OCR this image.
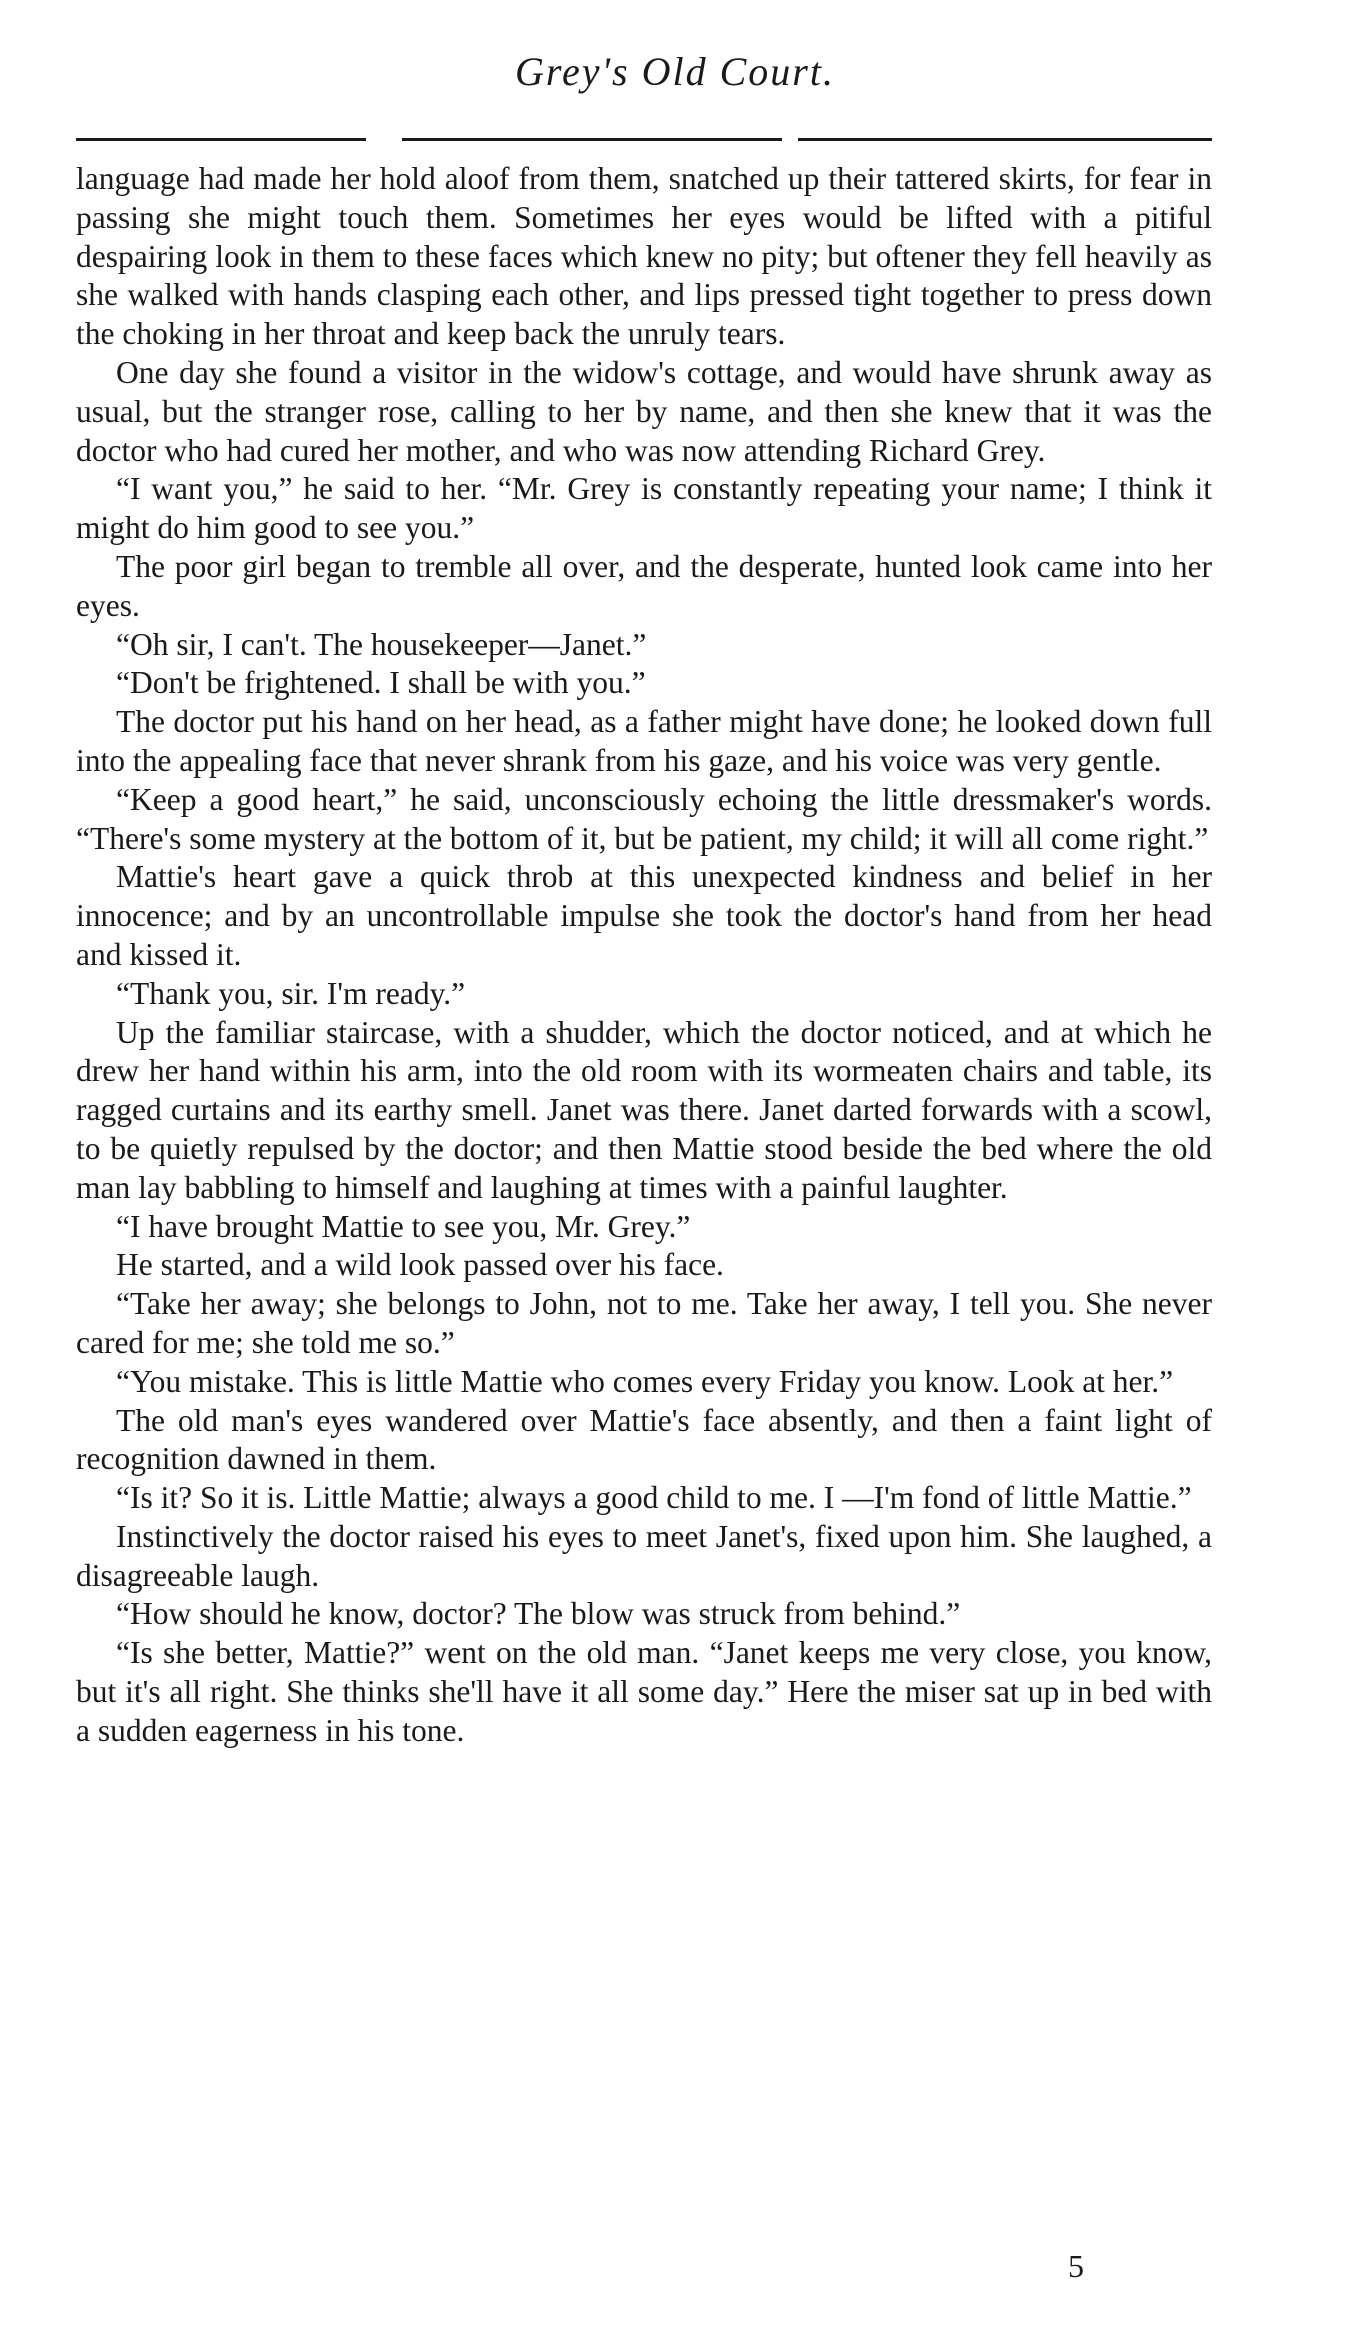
Grey's Old Court.

language had made her hold aloof from them, snatched up their tattered skirts, for fear in passing she might touch them. Sometimes her eyes would be lifted with a pitiful despairing look in them to these faces which knew no pity; but oftener they fell heavily as she walked with hands clasping each other, and lips pressed tight together to press down the choking in her throat and keep back the unruly tears.

One day she found a visitor in the widow's cottage, and would have shrunk away as usual, but the stranger rose, calling to her by name, and then she knew that it was the doctor who had cured her mother, and who was now attending Richard Grey.

“I want you,” he said to her. “Mr. Grey is constantly repeating your name; I think it might do him good to see you.”

The poor girl began to tremble all over, and the desperate, hunted look came into her eyes.

“Oh sir, I can't. The housekeeper—Janet.”

“Don't be frightened. I shall be with you.”

The doctor put his hand on her head, as a father might have done; he looked down full into the appealing face that never shrank from his gaze, and his voice was very gentle.

“Keep a good heart,” he said, unconsciously echoing the little dressmaker's words. “There's some mystery at the bottom of it, but be patient, my child; it will all come right.”

Mattie's heart gave a quick throb at this unexpected kindness and belief in her innocence; and by an uncontrollable impulse she took the doctor's hand from her head and kissed it.

“Thank you, sir. I'm ready.”

Up the familiar staircase, with a shudder, which the doctor noticed, and at which he drew her hand within his arm, into the old room with its wormeaten chairs and table, its ragged curtains and its earthy smell. Janet was there. Janet darted forwards with a scowl, to be quietly repulsed by the doctor; and then Mattie stood beside the bed where the old man lay babbling to himself and laughing at times with a painful laughter.

“I have brought Mattie to see you, Mr. Grey.”

He started, and a wild look passed over his face.

“Take her away; she belongs to John, not to me. Take her away, I tell you. She never cared for me; she told me so.”

“You mistake. This is little Mattie who comes every Friday you know. Look at her.”

The old man's eyes wandered over Mattie's face absently, and then a faint light of recognition dawned in them.

“Is it? So it is. Little Mattie; always a good child to me. I —I'm fond of little Mattie.”

Instinctively the doctor raised his eyes to meet Janet's, fixed upon him. She laughed, a disagreeable laugh.

“How should he know, doctor? The blow was struck from behind.”

“Is she better, Mattie?” went on the old man. “Janet keeps me very close, you know, but it's all right. She thinks she'll have it all some day.” Here the miser sat up in bed with a sudden eagerness in his tone.

5
